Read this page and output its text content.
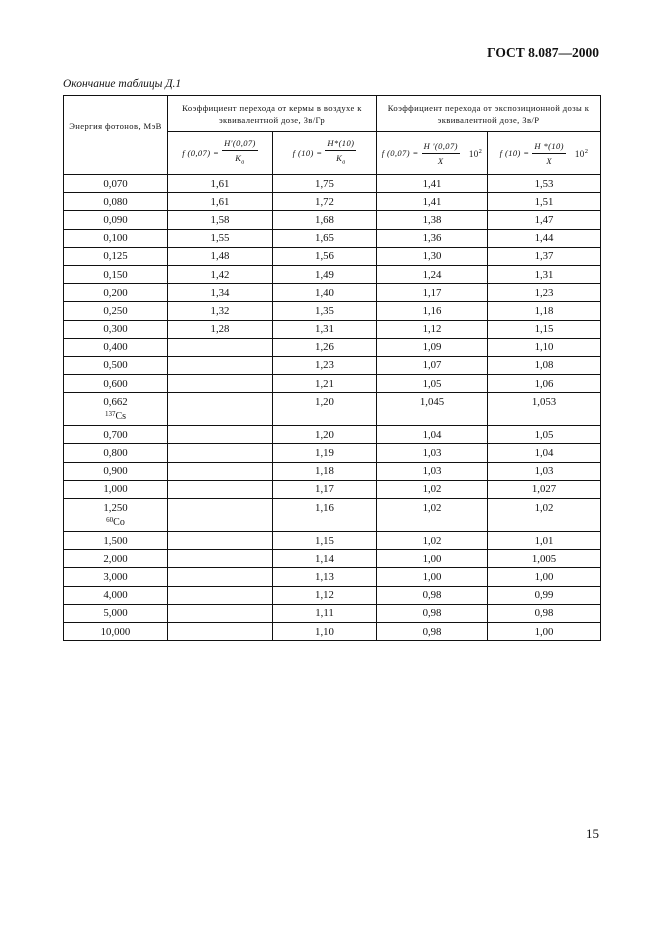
ГОСТ 8.087—2000
Окончание таблицы Д.1
Энергия фотонов, МэВ	Коэффициент перехода от кермы в воздухе к эквивалентной дозе, Зв/Гр		Коэффициент перехода от экспозиционной дозы к эквивалентной дозе, Зв/Р	

	f $(0,07) = \frac{H'(0,07)}{K_a}$	f $(10) = \frac{H*(10)}{K_a}$	f $(0,07) = \frac{H '(0,07)}{X} 10^2$	f $(10) = \frac{H *(10)}{X} 10^2$

0,070	1,61	1,75	1,41	1,53
0,080	1,61	1,72	1,41	1,51
0,090	1,58	1,68	1,38	1,47
0,100	1,55	1,65	1,36	1,44
0,125	1,48	1,56	1,30	1,37
0,150	1,42	1,49	1,24	1,31
0,200	1,34	1,40	1,17	1,23
0,250	1,32	1,35	1,16	1,18
0,300	1,28	1,31	1,12	1,15
0,400		1,26	1,09	1,10
0,500		1,23	1,07	1,08
0,600		1,21	1,05	1,06
0,662
$^{137}$Cs		1,20	1,045	1,053
0,700		1,20	1,04	1,05
0,800		1,19	1,03	1,04
0,900		1,18	1,03	1,03
1,000		1,17	1,02	1,027
1,250
$^{60}$Co		1,16	1,02	1,02
1,500		1,15	1,02	1,01
2,000		1,14	1,00	1,005
3,000		1,13	1,00	1,00
4,000		1,12	0,98	0,99
5,000		1,11	0,98	0,98
10,000		1,10	0,98	1,00
15
